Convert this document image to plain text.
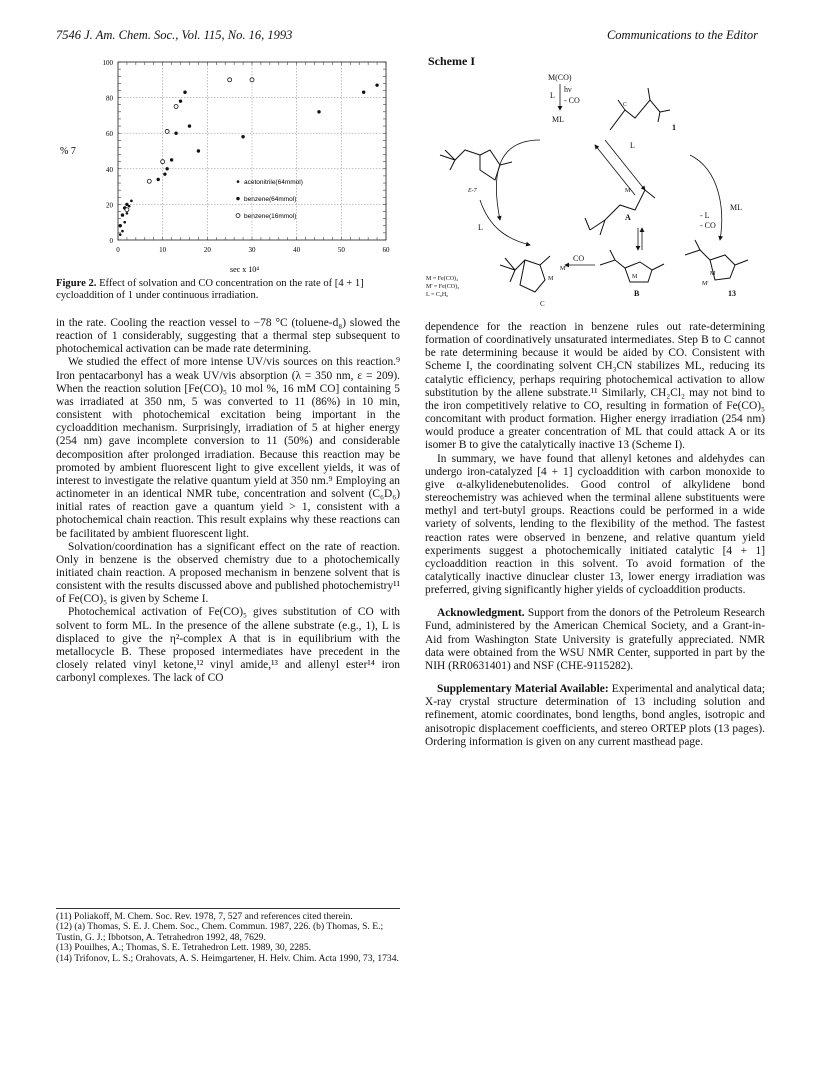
7546 J. Am. Chem. Soc., Vol. 115, No. 16, 1993	Communications to the Editor
0	10	20	30	40	50	60
0
20
40
60
80
100
acetonitrile(64mmol)
benzene(64mmol)
benzene(16mmol)
% 7
sec x 10⁴
Figure 2. Effect of solvation and CO concentration on the rate of [4 + 1] cycloaddition of 1 under continuous irradiation.
Scheme I
M(CO)
hν
L
- CO
ML
C
1
L
ML
- L
- CO
E-7	M
A
L
M
M'
C
CO
M
B
M
M'
13
M = Fe(CO)₄
M' = Fe(CO)₃
L = C₆H₆

in the rate. Cooling the reaction vessel to −78 °C (toluene-d₈) slowed the reaction of 1 considerably, suggesting that a thermal step subsequent to photochemical activation can be made rate determining.

We studied the effect of more intense UV/vis sources on this reaction.⁹ Iron pentacarbonyl has a weak UV/vis absorption (λ = 350 nm, ε = 209). When the reaction solution [Fe(CO)₅ 10 mol %, 16 mM CO] containing 5 was irradiated at 350 nm, 5 was converted to 11 (86%) in 10 min, consistent with photochemical excitation being important in the cycloaddition mechanism. Surprisingly, irradiation of 5 at higher energy (254 nm) gave incomplete conversion to 11 (50%) and considerable decomposition after prolonged irradiation. Because this reaction may be promoted by ambient fluorescent light to give excellent yields, it was of interest to investigate the relative quantum yield at 350 nm.⁹ Employing an actinometer in an identical NMR tube, concentration and solvent (C₆D₆) initial rates of reaction gave a quantum yield > 1, consistent with a photochemical chain reaction. This result explains why these reactions can be facilitated by ambient fluorescent light.

Solvation/coordination has a significant effect on the rate of reaction. Only in benzene is the observed chemistry due to a photochemically initiated chain reaction. A proposed mechanism in benzene solvent that is consistent with the results discussed above and published photochemistry¹¹ of Fe(CO)₅ is given by Scheme I.

Photochemical activation of Fe(CO)₅ gives substitution of CO with solvent to form ML. In the presence of the allene substrate (e.g., 1), L is displaced to give the η²-complex A that is in equilibrium with the metallocycle B. These proposed intermediates have precedent in the closely related vinyl ketone,¹² vinyl amide,¹³ and allenyl ester¹⁴ iron carbonyl complexes. The lack of CO

(11) Poliakoff, M. Chem. Soc. Rev. 1978, 7, 527 and references cited therein.
(12) (a) Thomas, S. E. J. Chem. Soc., Chem. Commun. 1987, 226. (b) Thomas, S. E.; Tustin, G. J.; Ibbotson, A. Tetrahedron 1992, 48, 7629.
(13) Pouilhes, A.; Thomas, S. E. Tetrahedron Lett. 1989, 30, 2285.
(14) Trifonov, L. S.; Orahovats, A. S. Heimgartener, H. Helv. Chim. Acta 1990, 73, 1734.

dependence for the reaction in benzene rules out rate-determining formation of coordinatively unsaturated intermediates. Step B to C cannot be rate determining because it would be aided by CO. Consistent with Scheme I, the coordinating solvent CH₃CN stabilizes ML, reducing its catalytic efficiency, perhaps requiring photochemical activation to allow substitution by the allene substrate.¹¹ Similarly, CH₂Cl₂ may not bind to the iron competitively relative to CO, resulting in formation of Fe(CO)₅ concomitant with product formation. Higher energy irradiation (254 nm) would produce a greater concentration of ML that could attack A or its isomer B to give the catalytically inactive 13 (Scheme I).

In summary, we have found that allenyl ketones and aldehydes can undergo iron-catalyzed [4 + 1] cycloaddition with carbon monoxide to give α-alkylidenebutenolides. Good control of alkylidene bond stereochemistry was achieved when the terminal allene substituents were methyl and tert-butyl groups. Reactions could be performed in a wide variety of solvents, lending to the flexibility of the method. The fastest reaction rates were observed in benzene, and relative quantum yield experiments suggest a photochemically initiated catalytic [4 + 1] cycloaddition reaction in this solvent. To avoid formation of the catalytically inactive dinuclear cluster 13, lower energy irradiation was preferred, giving significantly higher yields of cycloaddition products.

Acknowledgment. Support from the donors of the Petroleum Research Fund, administered by the American Chemical Society, and a Grant-in-Aid from Washington State University is gratefully appreciated. NMR data were obtained from the WSU NMR Center, supported in part by the NIH (RR0631401) and NSF (CHE-9115282).

Supplementary Material Available: Experimental and analytical data; X-ray crystal structure determination of 13 including solution and refinement, atomic coordinates, bond lengths, bond angles, isotropic and anisotropic displacement coefficients, and stereo ORTEP plots (13 pages). Ordering information is given on any current masthead page.
